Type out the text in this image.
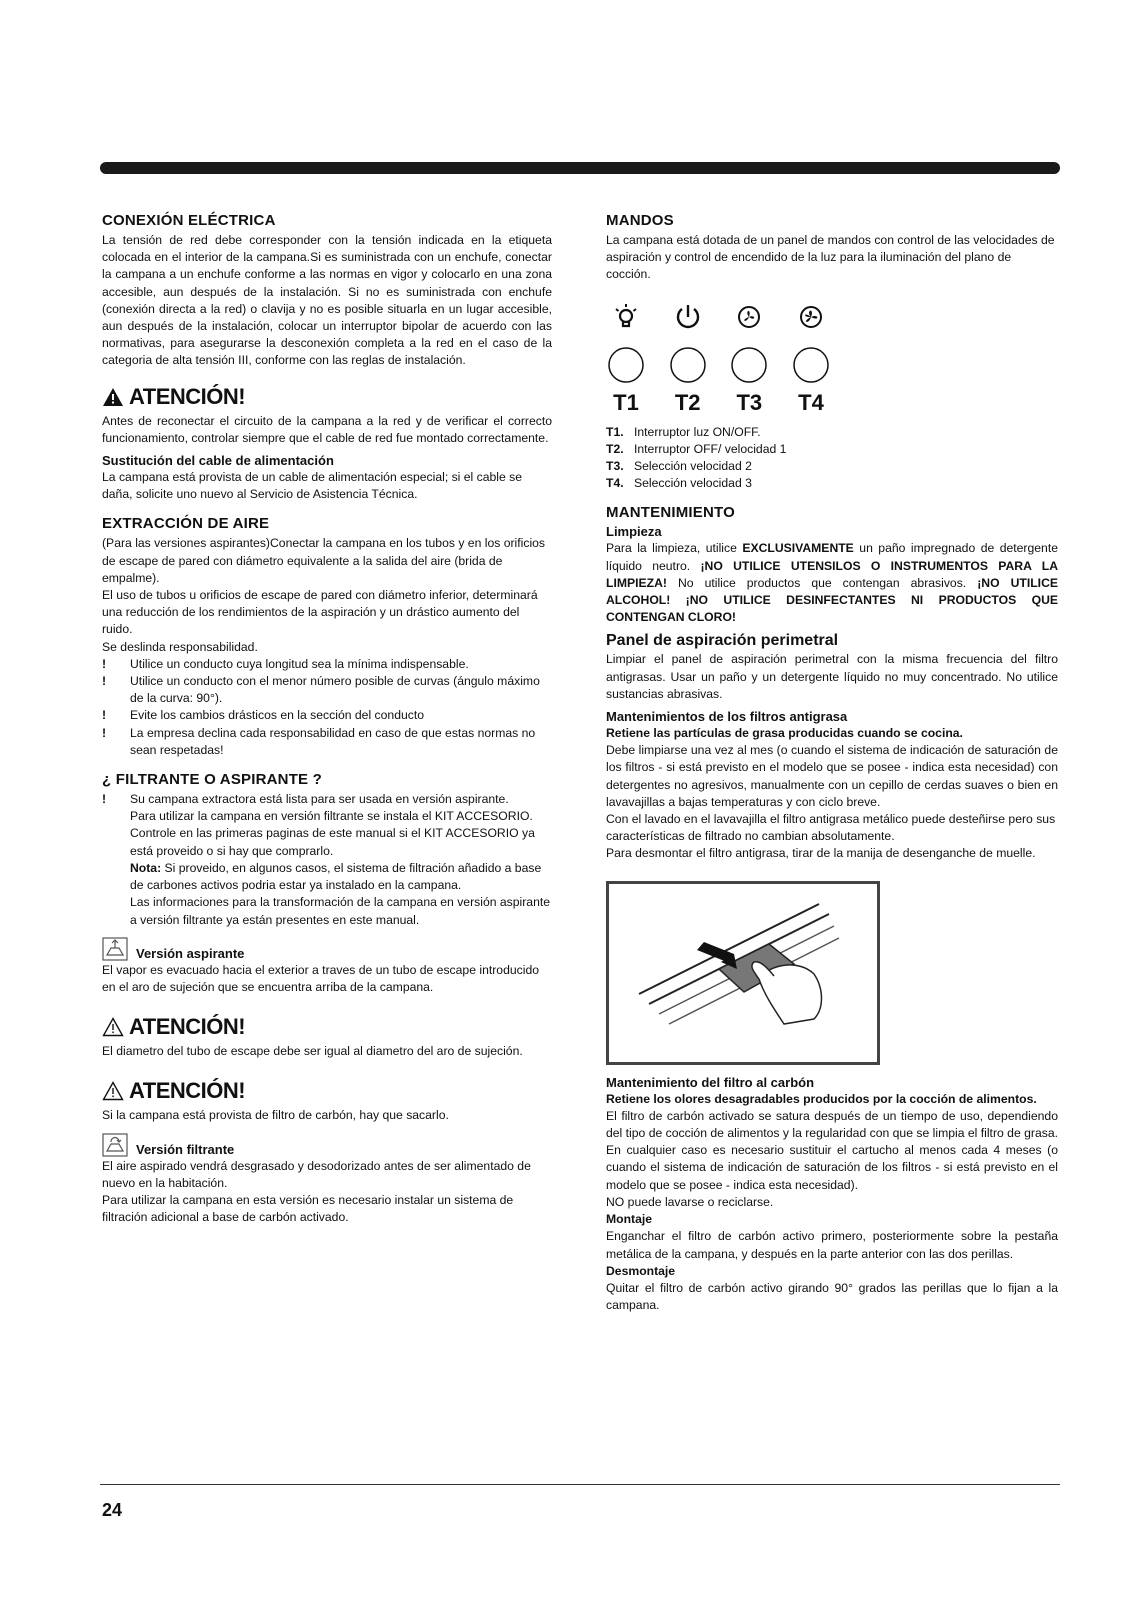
CONEXIÓN ELÉCTRICA

La tensión de red debe corresponder con la tensión indicada en la etiqueta colocada en el interior de la campana.Si es suministrada con un enchufe, conectar la campana a un enchufe conforme a las normas en vigor y colocarlo en una zona accesible, aun después de la instalación. Si no es suministrada con enchufe (conexión directa a la red) o clavija y no es posible situarla en un lugar accesible, aun después de la instalación, colocar un interruptor bipolar de acuerdo con las normativas, para asegurarse la desconexión completa a la red en el caso de la categoria de alta tensión III, conforme con las reglas de instalación.

ATENCIÓN!

Antes de reconectar el circuito de la campana a la red y de verificar el correcto funcionamiento, controlar siempre que el cable de red fue montado correctamente.

Sustitución del cable de alimentación

La campana está provista de un cable de alimentación especial; si el cable se daña, solicite uno nuevo al Servicio de Asistencia Técnica.

EXTRACCIÓN DE AIRE

(Para las versiones aspirantes)Conectar la campana en los tubos y en los orificios de escape de pared con diámetro equivalente a la salida del aire (brida de empalme).

El uso de tubos u orificios de escape de pared con diámetro inferior, determinará una reducción de los rendimientos de la aspiración y un drástico aumento del ruido.

Se deslinda responsabilidad.

! Utilice un conducto cuya longitud sea la mínima indispensable.
! Utilice un conducto con el menor número posible de curvas (ángulo máximo de la curva: 90°).
! Evite los cambios drásticos en la sección del conducto
! La empresa declina cada responsabilidad en caso de que estas normas no sean respetadas!
¿ FILTRANTE O ASPIRANTE ?
! Su campana extractora está lista para ser usada en versión aspirante.

Para utilizar la campana en versión filtrante se instala el KIT ACCESORIO.

Controle en las primeras paginas de este manual si el KIT ACCESORIO ya está proveido o si hay que comprarlo.

Nota: Si proveido, en algunos casos, el sistema de filtración añadido a base de carbones activos podria estar ya instalado en la campana.

Las informaciones para la transformación de la campana en versión aspirante a versión filtrante ya están presentes en este manual.

Versión aspirante

El vapor es evacuado hacia el exterior a traves de un tubo de escape introducido en el aro de sujeción que se encuentra arriba de la campana.

ATENCIÓN!

El diametro del tubo de escape debe ser igual al diametro del aro de sujeción.

ATENCIÓN!

Si la campana está provista de filtro de carbón, hay que sacarlo.

Versión filtrante

El aire aspirado vendrá desgrasado y desodorizado antes de ser alimentado de nuevo en la habitación.

Para utilizar la campana en esta versión es necesario instalar un sistema de filtración adicional a base de carbón activado.

MANDOS

La campana está dotada de un panel de mandos con control de las velocidades de aspiración y control de encendido de la luz para la iluminación del plano de cocción.

T1	T2	T3	T4

T1. Interruptor luz ON/OFF.

T2. Interruptor OFF/ velocidad 1

T3. Selección velocidad 2

T4. Selección velocidad 3

MANTENIMIENTO
Limpieza

Para la limpieza, utilice EXCLUSIVAMENTE un paño impregnado de detergente líquido neutro. ¡NO UTILICE UTENSILOS O INSTRUMENTOS PARA LA LIMPIEZA! No utilice productos que contengan abrasivos. ¡NO UTILICE ALCOHOL! ¡NO UTILICE DESINFECTANTES NI PRODUCTOS QUE CONTENGAN CLORO!

Panel de aspiración perimetral

Limpiar el panel de aspiración perimetral con la misma frecuencia del filtro antigrasas. Usar un paño y un detergente líquido no muy concentrado. No utilice sustancias abrasivas.

Mantenimientos de los filtros antigrasa

Retiene las partículas de grasa producidas cuando se cocina.

Debe limpiarse una vez al mes (o cuando el sistema de indicación de saturación de los filtros - si está previsto en el modelo que se posee - indica esta necesidad) con detergentes no agresivos, manualmente con un cepillo de cerdas suaves o bien en lavavajillas a bajas temperaturas y con ciclo breve.

Con el lavado en el lavavajilla el filtro antigrasa metálico puede desteñirse pero sus características de filtrado no cambian absolutamente.

Para desmontar el filtro antigrasa, tirar de la manija de desenganche de muelle.

Mantenimiento del filtro al carbón

Retiene los olores desagradables producidos por la cocción de alimentos.

El filtro de carbón activado se satura después de un tiempo de uso, dependiendo del tipo de cocción de alimentos y la regularidad con que se limpia el filtro de grasa. En cualquier caso es necesario sustituir el cartucho al menos cada 4 meses (o cuando el sistema de indicación de saturación de los filtros - si está previsto en el modelo que se posee - indica esta necesidad).

NO puede lavarse o reciclarse.

Montaje

Enganchar el filtro de carbón activo primero, posteriormente sobre la pestaña metálica de la campana, y después en la parte anterior con las dos perillas.

Desmontaje

Quitar el filtro de carbón activo girando 90° grados las perillas que lo fijan a la campana.

24
